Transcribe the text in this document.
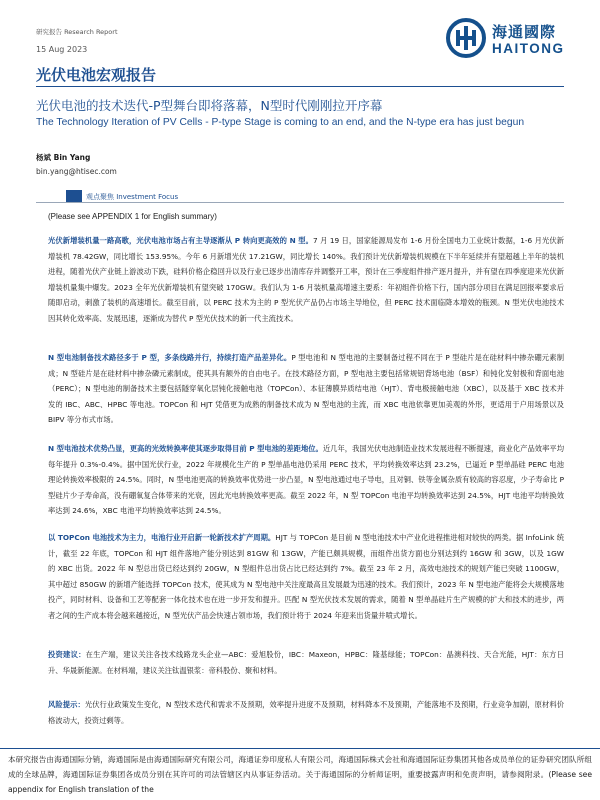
研究报告 Research Report
15 Aug 2023
海通國際
HAITONG
光伏电池宏观报告
光伏电池的技术迭代-P型舞台即将落幕，N型时代刚刚拉开序幕
The Technology Iteration of PV Cells - P-type Stage is coming to an end, and the N-type era has just begun
杨斌 Bin Yang
bin.yang@htisec.com
观点聚焦 Investment Focus
(Please see APPENDIX 1 for English summary)
光伏新增装机量一路高歌，光伏电池市场占有主导逐渐从 P 转向更高效的 N 型。7 月 19 日，国家能源局发布 1-6 月份全国电力工业统计数据，1-6 月光伏新增装机 78.42GW，同比增长 153.95%。今年 6 月新增光伏 17.21GW，同比增长 140%。我们预计光伏新增装机规模在下半年延续并有望超越上半年的装机进程，随着光伏产业链上游波动下跌，硅料价格企稳回升以及行业已逐步出清库存并调整开工率，预计在三季度组件排产逐月提升，并有望在四季度迎来光伏新增装机量集中爆发。2023 全年光伏新增装机有望突破 170GW。我们认为 1-6 月装机量高增速主要系：年初组件价格下行，国内部分项目在满足回报率要求后随即启动，刺激了装机的高速增长。截至目前，以 PERC 技术为主的 P 型光伏产品仍占市场主导地位，但 PERC 技术面临降本增效的瓶颈。N 型光伏电池技术因其转化效率高、发展迅速，逐渐成为替代 P 型光伏技术的新一代主流技术。
N 型电池制备技术路径多于 P 型，多条线路并行，持续打造产品差异化。P 型电池和 N 型电池的主要制备过程不同在于 P 型硅片是在硅材料中掺杂硼元素制成；N 型硅片是在硅材料中掺杂磷元素制成，使其具有额外的自由电子。在技术路径方面，P 型电池主要包括常规铝背场电池（BSF）和钝化发射极和背面电池（PERC）；N 型电池的制备技术主要包括隧穿氧化层钝化接触电池（TOPCon）、本征薄膜异质结电池（HJT）、背电极接触电池（XBC），以及基于 XBC 技术并发的 IBC、ABC、HPBC 等电池。TOPCon 和 HJT 凭借更为成熟的制备技术成为 N 型电池的主流，而 XBC 电池依靠更加美观的外形，更适用于户用场景以及 BIPV 等分布式市场。
N 型电池技术优势凸显，更高的光效转换率使其逐步取得目前 P 型电池的差距地位。近几年，我国光伏电池制造业技术发展进程不断提速，商业化产品效率平均每年提升 0.3%-0.4%。据中国光伏行业，2022 年规模化生产的 P 型单晶电池仍采用 PERC 技术，平均转换效率达到 23.2%，已逼近 P 型单晶硅 PERC 电池理论转换效率极限的 24.5%。同时，N 型电池更高的转换效率优势进一步凸显，N 型电池通过电子导电，且对铜、铁等金属杂质有较高的容忍度，少子寿命比 P 型硅片少子寿命高，没有硼氧复合体带来的光衰，因此光电转换效率更高。截至 2022 年，N 型 TOPCon 电池平均转换效率达到 24.5%，HJT 电池平均转换效率达到 24.6%，XBC 电池平均转换效率达到 24.5%。
以 TOPCon 电池技术为主力，电池行业开启新一轮新技术扩产周期。HJT 与 TOPCon 是目前 N 型电池技术中产业化进程推进相对较快的两类。据 InfoLink 统计，截至 22 年底，TOPCon 和 HJT 组件落地产能分别达到 81GW 和 13GW，产能已颇具规模，而组件出货方面也分别达到约 16GW 和 3GW，以及 1GW 的 XBC 出货。2022 年 N 型总出货已经达到约 20GW，N 型组件总出货占比已经达到约 7%。截至 23 年 2 月，高效电池技术的规划产能已突破 1100GW，其中超过 850GW 的新增产能选择 TOPCon 技术，使其成为 N 型电池中关注度最高且发展最为迅速的技术。我们预计，2023 年 N 型电池产能将会大规模落地投产，同时材料、设备和工艺等配套一体化技术也在进一步开发和提升。匹配 N 型光伏技术发展的需求，随着 N 型单晶硅片生产规模的扩大和技术的进步，两者之间的生产成本将会越来越接近，N 型光伏产品会快速占领市场，我们预计将于 2024 年迎来出货量井喷式增长。
投资建议：在生产端，建议关注各技术线路龙头企业—ABC：爱旭股份，IBC：Maxeon，HPBC：隆基绿能；TOPCon：晶澳科技、天合光能，HJT：东方日升、华晟新能源。在材料端，建议关注钛温银浆：帝科股份、聚和材料。
风险提示：光伏行业政策发生变化，N 型技术迭代和需求不及预期，效率提升进度不及预期，材料降本不及预期，产能落地不及预期，行业竞争加剧，原材料价格波动大，投资过剩等。
本研究报告由海通国际分销，海通国际是由海通国际研究有限公司，海通证券印度私人有限公司，海通国际株式会社和海通国际证券集团其他各成员单位的证券研究团队所组成的全球品牌，海通国际证券集团各成员分别在其许可的司法管辖区内从事证券活动。关于海通国际的分析师证明，重要披露声明和免责声明，请参阅附录。(Please see appendix for English translation of the
